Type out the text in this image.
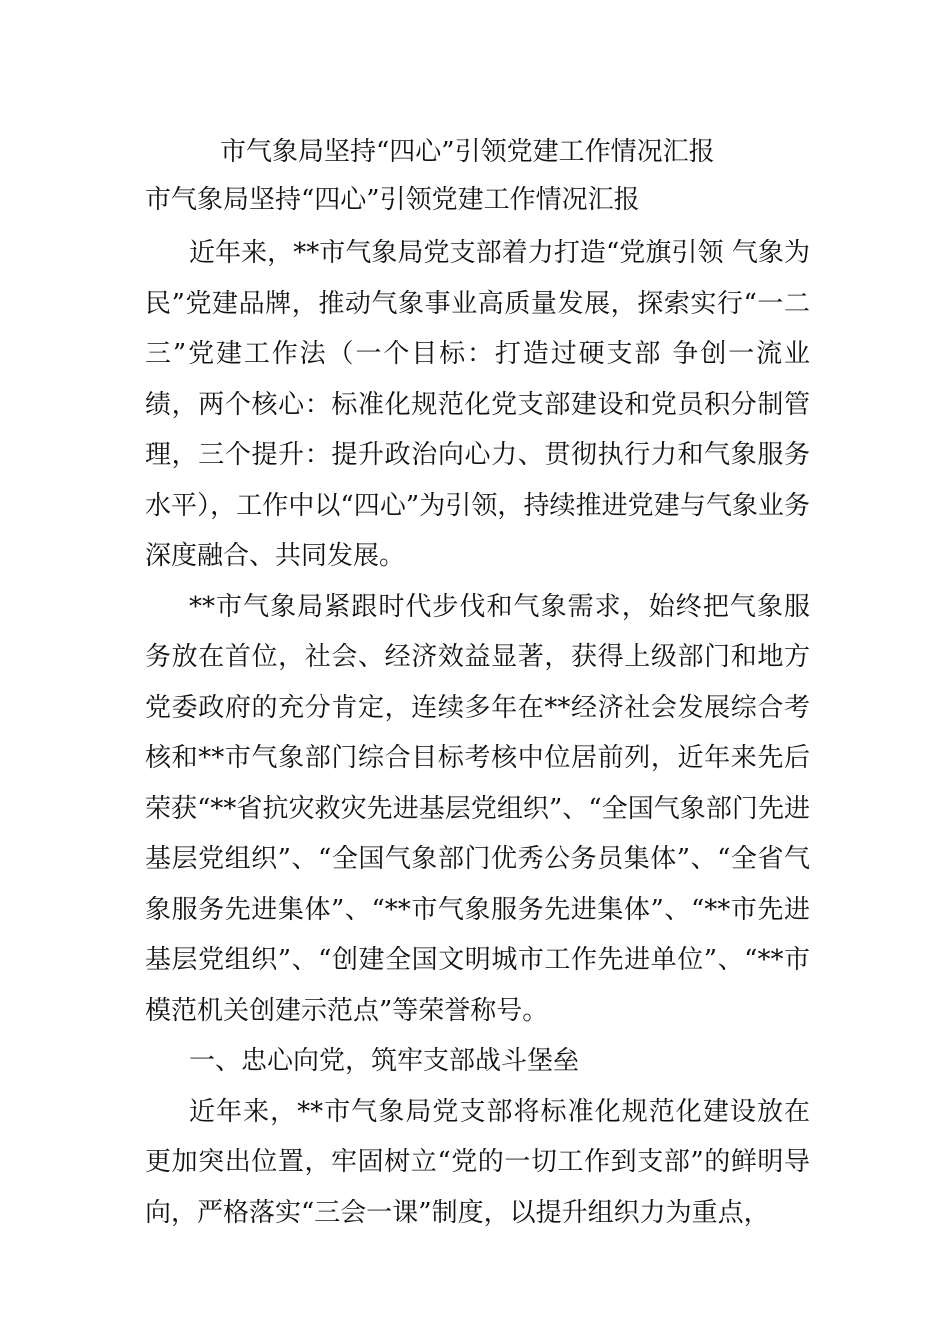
市气象局坚持“四心”引领党建工作情况汇报
市气象局坚持“四心”引领党建工作情况汇报

近年来，**市气象局党支部着力打造“党旗引领 气象为民”党建品牌，推动气象事业高质量发展，探索实行“一二三”党建工作法（一个目标：打造过硬支部 争创一流业绩，两个核心：标准化规范化党支部建设和党员积分制管理，三个提升：提升政治向心力、贯彻执行力和气象服务水平），工作中以“四心”为引领，持续推进党建与气象业务深度融合、共同发展。

**市气象局紧跟时代步伐和气象需求，始终把气象服务放在首位，社会、经济效益显著，获得上级部门和地方党委政府的充分肯定，连续多年在**经济社会发展综合考核和**市气象部门综合目标考核中位居前列，近年来先后荣获“**省抗灾救灾先进基层党组织”、“全国气象部门先进基层党组织”、“全国气象部门优秀公务员集体”、“全省气象服务先进集体”、“**市气象服务先进集体”、“**市先进基层党组织”、“创建全国文明城市工作先进单位”、“**市模范机关创建示范点”等荣誉称号。

一、忠心向党，筑牢支部战斗堡垒

近年来，**市气象局党支部将标准化规范化建设放在更加突出位置，牢固树立“党的一切工作到支部”的鲜明导向，严格落实“三会一课”制度，以提升组织力为重点，
